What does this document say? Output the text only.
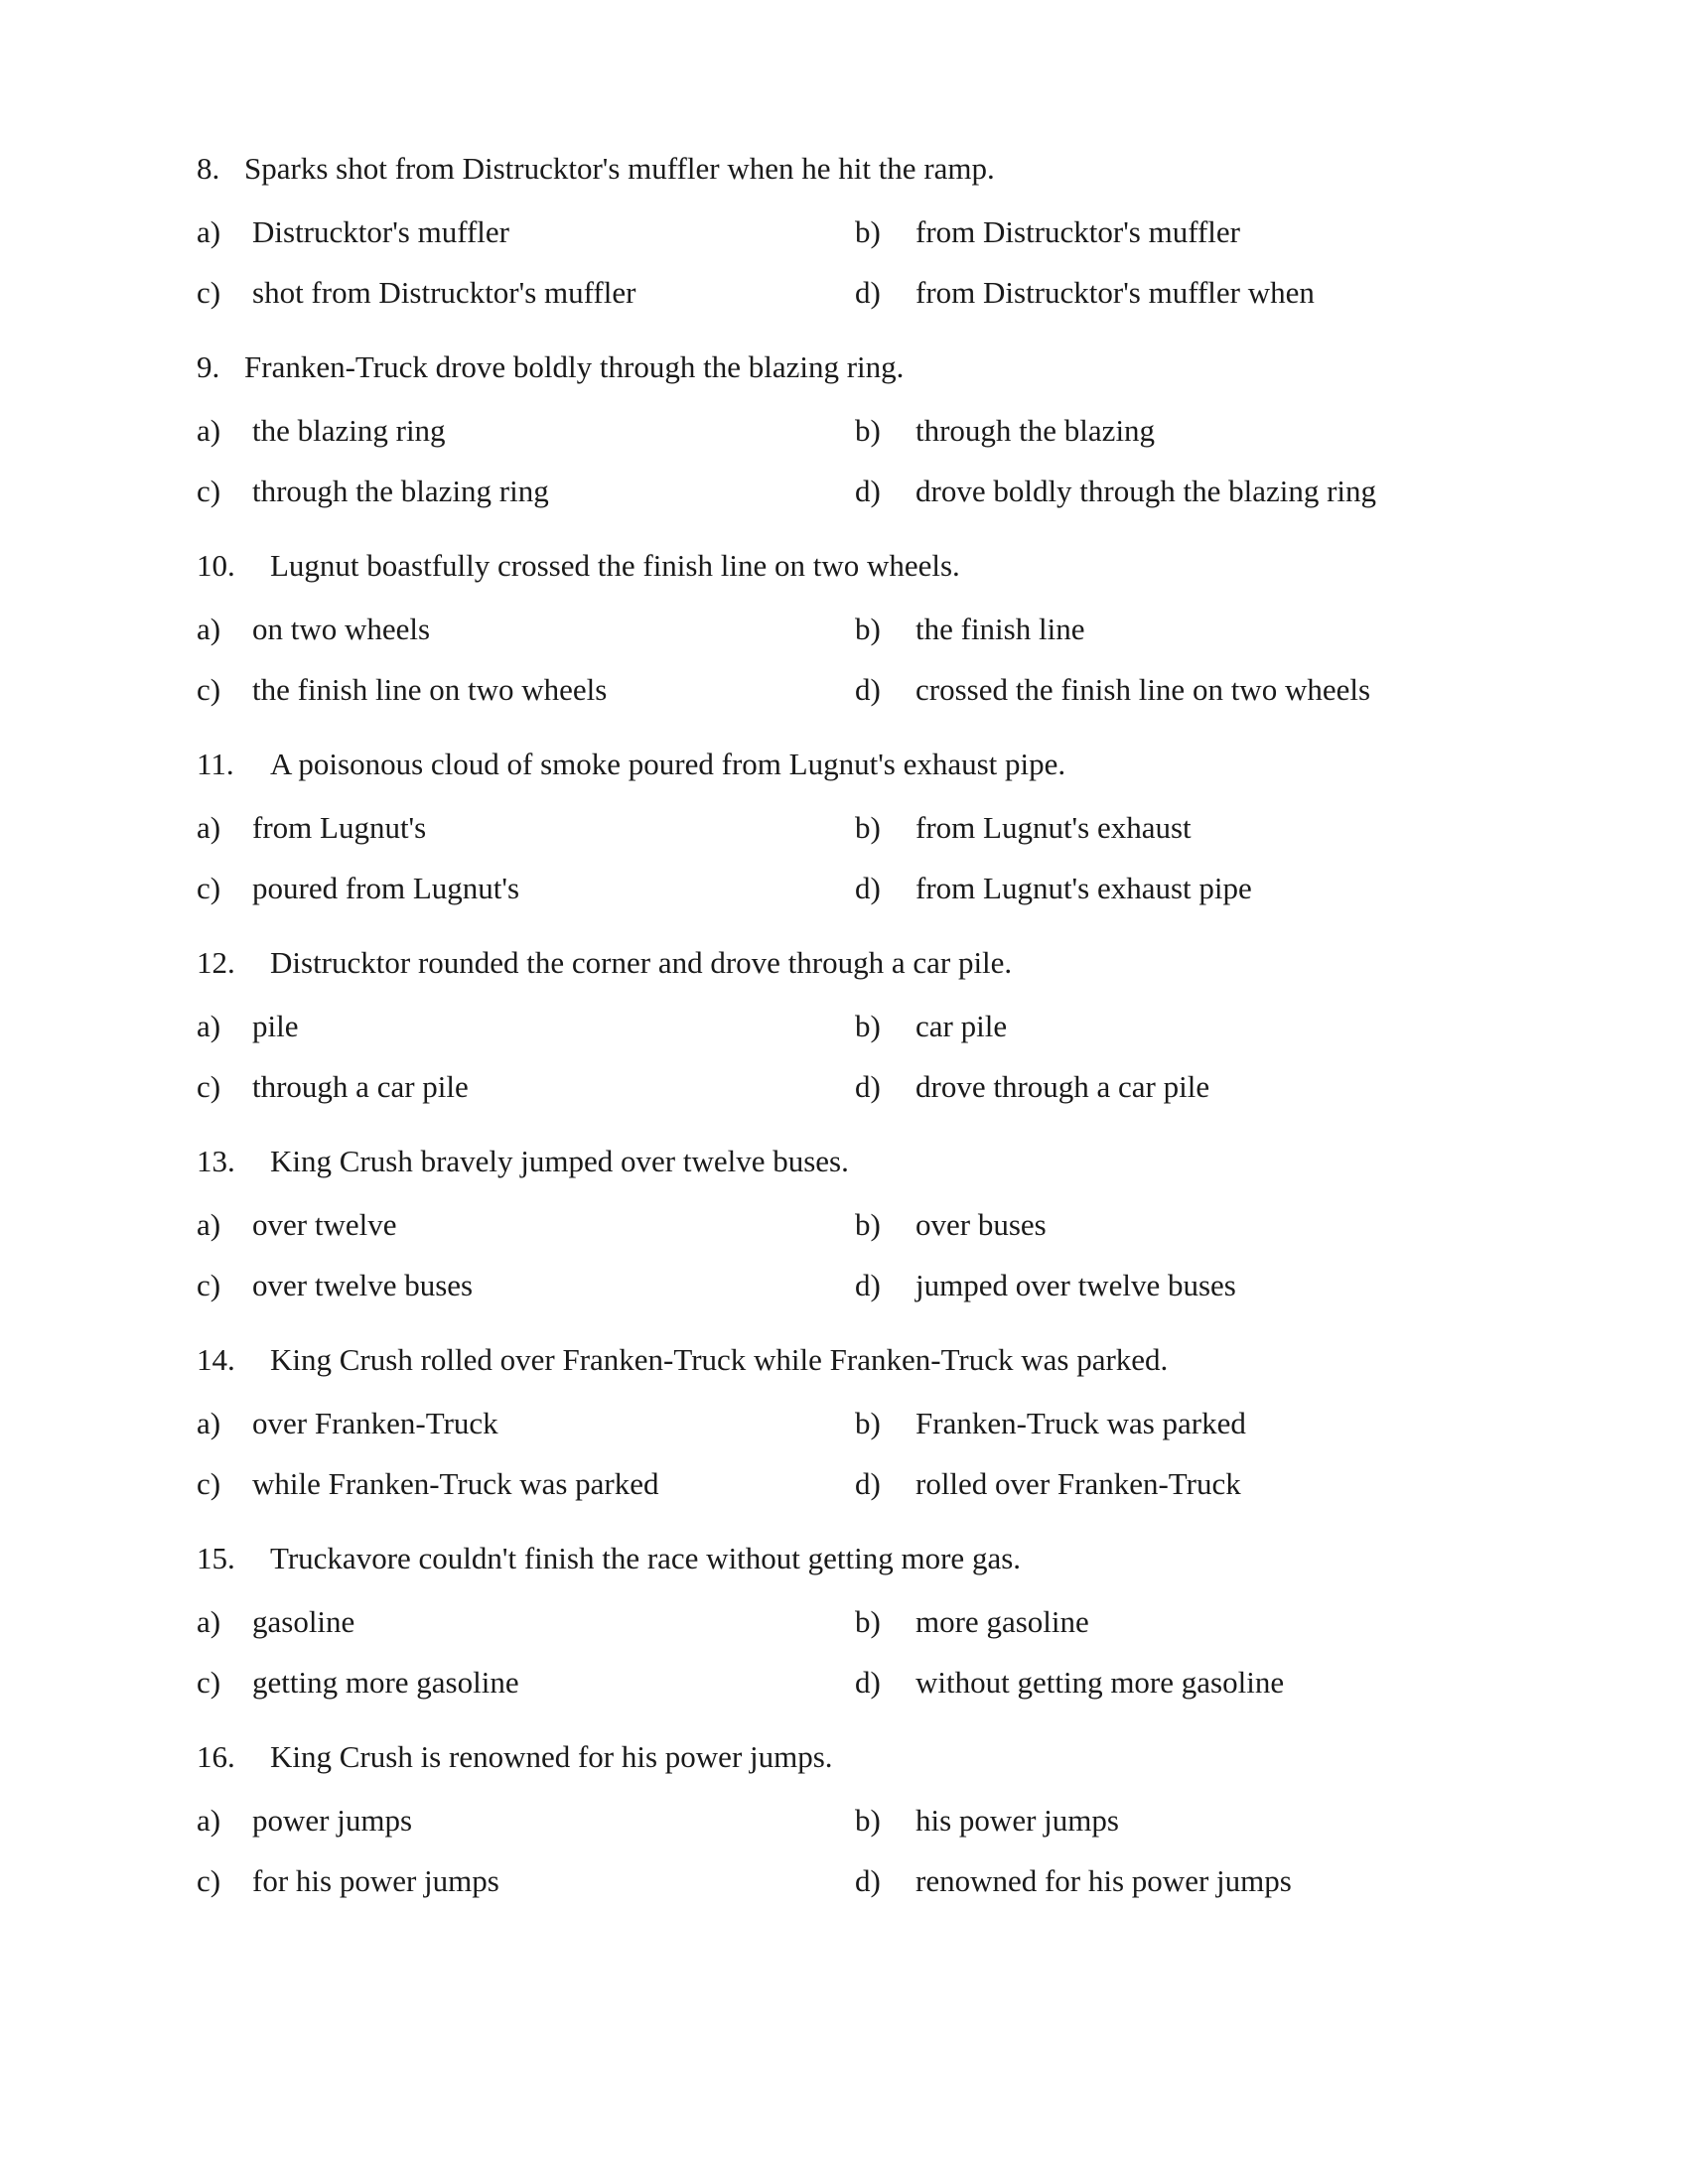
8. Sparks shot from Distrucktor's muffler when he hit the ramp.
a) Distrucktor's muffler	b) from Distrucktor's muffler
c) shot from Distrucktor's muffler	d) from Distrucktor's muffler when
9. Franken-Truck drove boldly through the blazing ring.
a) the blazing ring	b) through the blazing
c) through the blazing ring	d) drove boldly through the blazing ring
10. Lugnut boastfully crossed the finish line on two wheels.
a) on two wheels	b) the finish line
c) the finish line on two wheels	d) crossed the finish line on two wheels
11. A poisonous cloud of smoke poured from Lugnut's exhaust pipe.
a) from Lugnut's	b) from Lugnut's exhaust
c) poured from Lugnut's	d) from Lugnut's exhaust pipe
12. Distrucktor rounded the corner and drove through a car pile.
a) pile	b) car pile
c) through a car pile	d) drove through a car pile
13. King Crush bravely jumped over twelve buses.
a) over twelve	b) over buses
c) over twelve buses	d) jumped over twelve buses
14. King Crush rolled over Franken-Truck while Franken-Truck was parked.
a) over Franken-Truck	b) Franken-Truck was parked
c) while Franken-Truck was parked	d) rolled over Franken-Truck
15. Truckavore couldn't finish the race without getting more gas.
a) gasoline	b) more gasoline
c) getting more gasoline	d) without getting more gasoline
16. King Crush is renowned for his power jumps.
a) power jumps	b) his power jumps
c) for his power jumps	d) renowned for his power jumps
